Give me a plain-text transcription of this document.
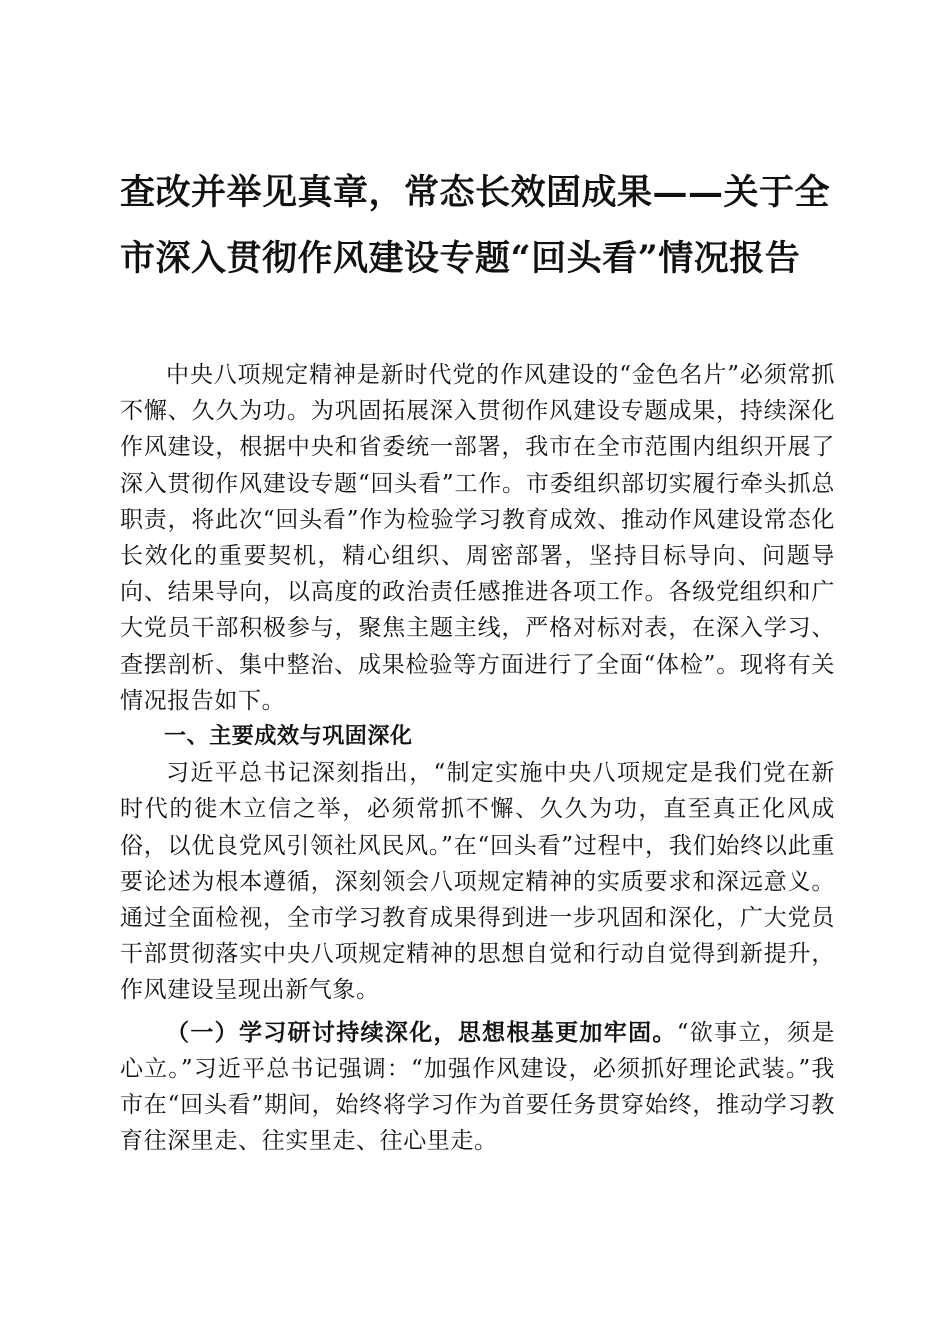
查改并举见真章，常态长效固成果——关于全
市深入贯彻作风建设专题“回头看”情况报告

中央八项规定精神是新时代党的作风建设的“金色名片”必须常抓不懈、久久为功。为巩固拓展深入贯彻作风建设专题成果，持续深化作风建设，根据中央和省委统一部署，我市在全市范围内组织开展了深入贯彻作风建设专题“回头看”工作。市委组织部切实履行牵头抓总职责，将此次“回头看”作为检验学习教育成效、推动作风建设常态化长效化的重要契机，精心组织、周密部署，坚持目标导向、问题导向、结果导向，以高度的政治责任感推进各项工作。各级党组织和广大党员干部积极参与，聚焦主题主线，严格对标对表，在深入学习、查摆剖析、集中整治、成果检验等方面进行了全面“体检”。现将有关情况报告如下。

一、主要成效与巩固深化

习近平总书记深刻指出，“制定实施中央八项规定是我们党在新时代的徙木立信之举，必须常抓不懈、久久为功，直至真正化风成俗，以优良党风引领社风民风。”在“回头看”过程中，我们始终以此重要论述为根本遵循，深刻领会八项规定精神的实质要求和深远意义。通过全面检视，全市学习教育成果得到进一步巩固和深化，广大党员干部贯彻落实中央八项规定精神的思想自觉和行动自觉得到新提升，作风建设呈现出新气象。

（一）学习研讨持续深化，思想根基更加牢固。“欲事立，须是心立。”习近平总书记强调：“加强作风建设，必须抓好理论武装。”我市在“回头看”期间，始终将学习作为首要任务贯穿始终，推动学习教育往深里走、往实里走、往心里走。
